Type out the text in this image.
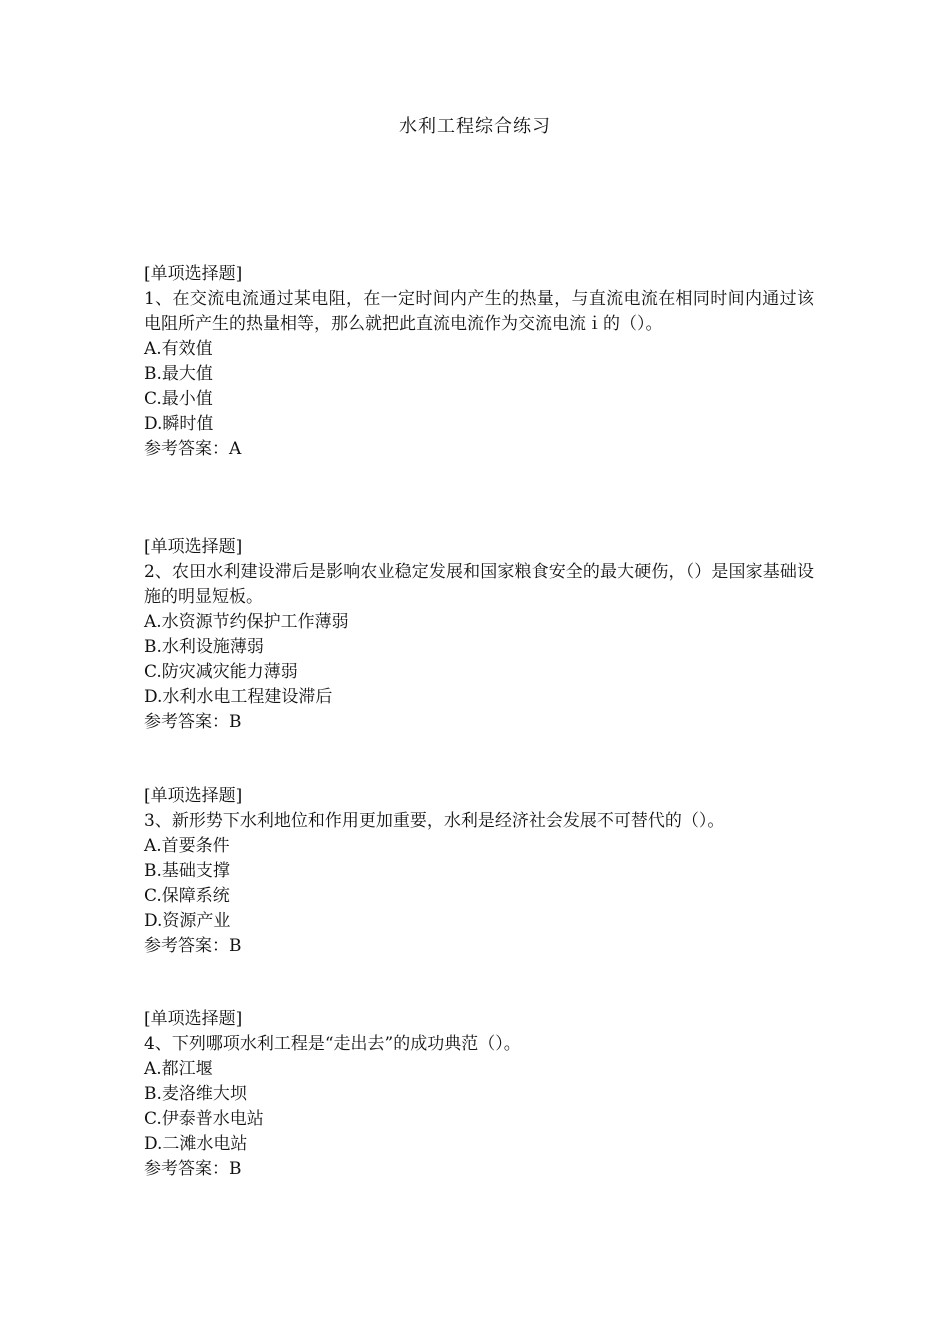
水利工程综合练习
[单项选择题]
1、在交流电流通过某电阻，在一定时间内产生的热量，与直流电流在相同时间内通过该电阻所产生的热量相等，那么就把此直流电流作为交流电流ｉ的（）。
A.有效值
B.最大值
C.最小值
D.瞬时值
参考答案：A
[单项选择题]
2、农田水利建设滞后是影响农业稳定发展和国家粮食安全的最大硬伤，（）是国家基础设施的明显短板。
A.水资源节约保护工作薄弱
B.水利设施薄弱
C.防灾减灾能力薄弱
D.水利水电工程建设滞后
参考答案：B
[单项选择题]
3、新形势下水利地位和作用更加重要，水利是经济社会发展不可替代的（）。
A.首要条件
B.基础支撑
C.保障系统
D.资源产业
参考答案：B
[单项选择题]
4、下列哪项水利工程是“走出去”的成功典范（）。
A.都江堰
B.麦洛维大坝
C.伊泰普水电站
D.二滩水电站
参考答案：B
